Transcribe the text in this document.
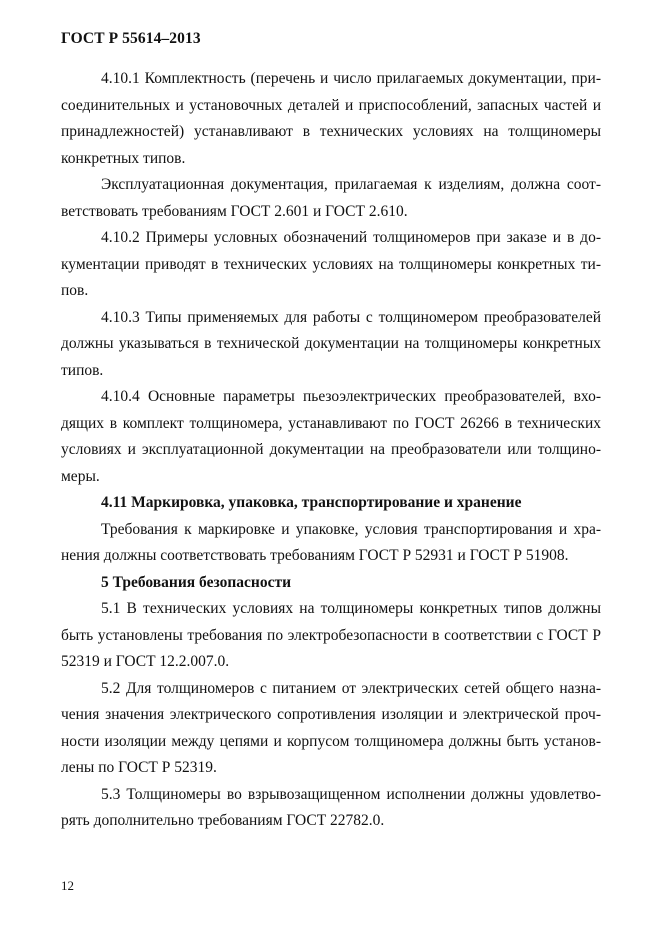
ГОСТ Р 55614–2013

4.10.1 Комплектность (перечень и число прилагаемых документации, присоединительных и установочных деталей и приспособлений, запасных частей и принадлежностей) устанавливают в технических условиях на толщиномеры конкретных типов.

Эксплуатационная документация, прилагаемая к изделиям, должна соответствовать требованиям ГОСТ 2.601 и ГОСТ 2.610.

4.10.2 Примеры условных обозначений толщиномеров при заказе и в документации приводят в технических условиях на толщиномеры конкретных типов.

4.10.3 Типы применяемых для работы с толщиномером преобразователей должны указываться в технической документации на толщиномеры конкретных типов.

4.10.4 Основные параметры пьезоэлектрических преобразователей, входящих в комплект толщиномера, устанавливают по ГОСТ 26266 в технических условиях и эксплуатационной документации на преобразователи или толщиномеры.

4.11 Маркировка, упаковка, транспортирование и хранение

Требования к маркировке и упаковке, условия транспортирования и хранения должны соответствовать требованиям ГОСТ Р 52931 и ГОСТ Р 51908.

5 Требования безопасности

5.1 В технических условиях на толщиномеры конкретных типов должны быть установлены требования по электробезопасности в соответствии с ГОСТ Р 52319 и ГОСТ 12.2.007.0.

5.2 Для толщиномеров с питанием от электрических сетей общего назначения значения электрического сопротивления изоляции и электрической прочности изоляции между цепями и корпусом толщиномера должны быть установлены по ГОСТ Р 52319.

5.3 Толщиномеры во взрывозащищенном исполнении должны удовлетворять дополнительно требованиям ГОСТ 22782.0.

12
